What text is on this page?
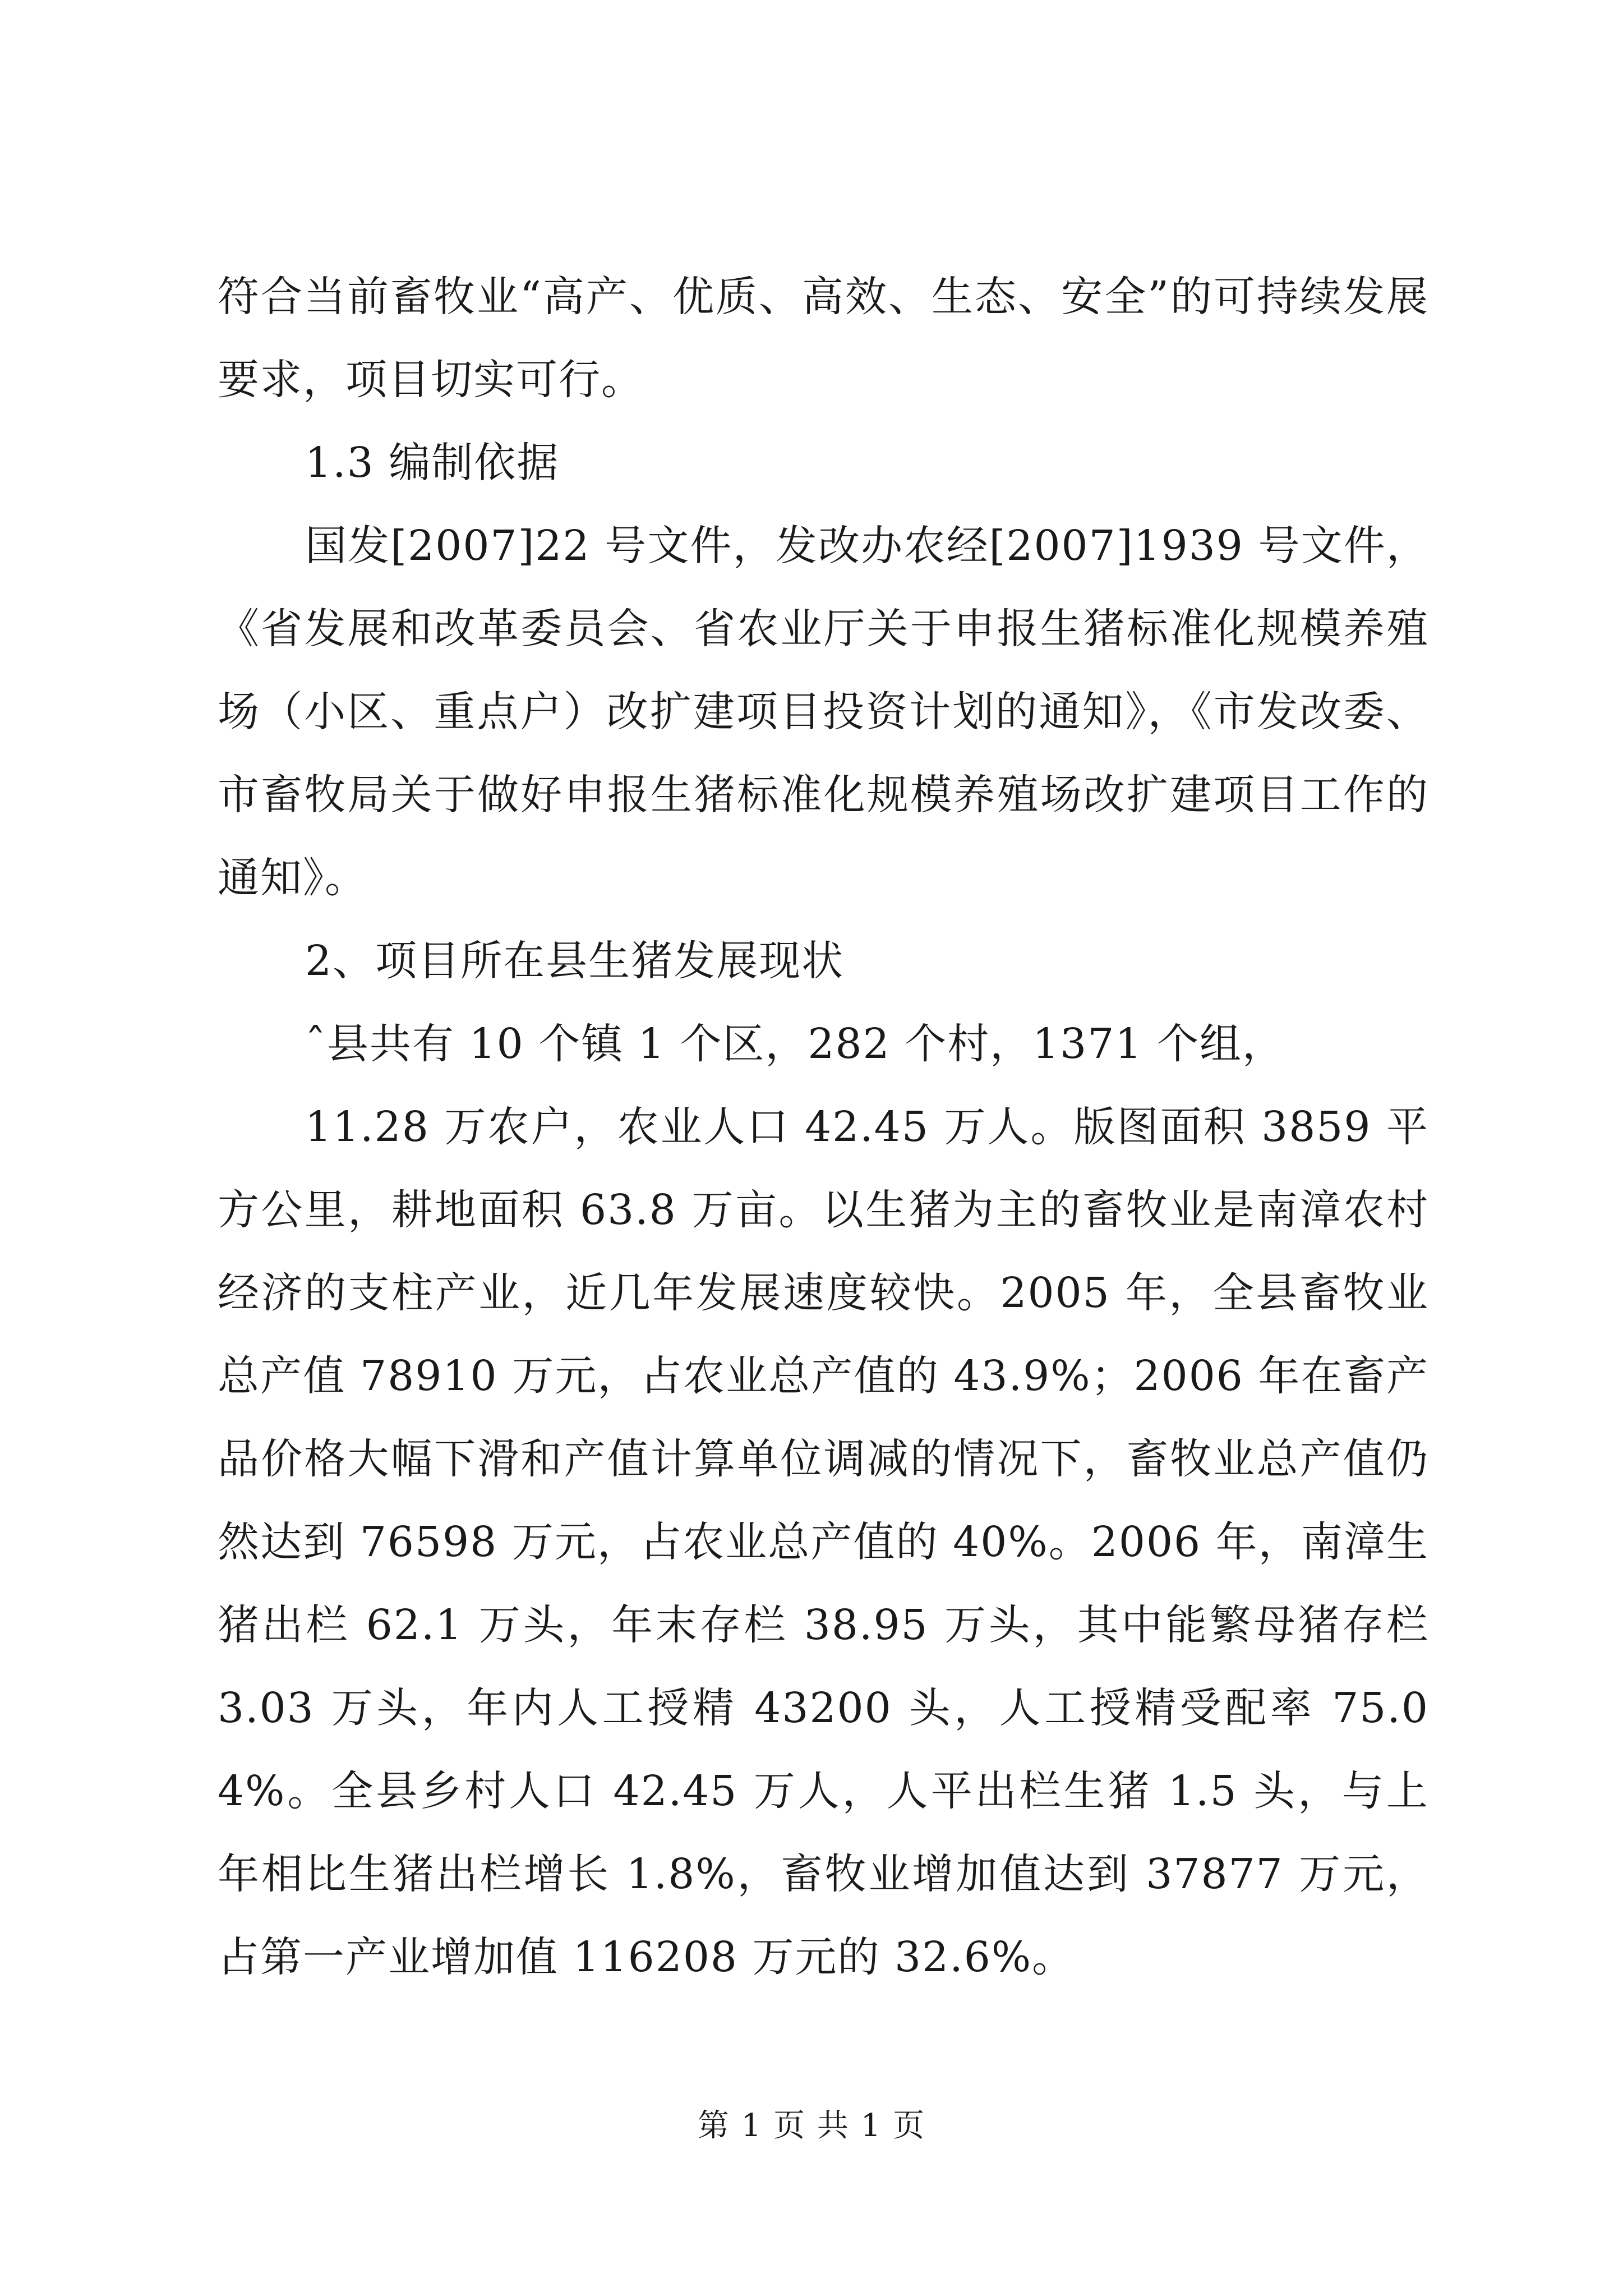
符合当前畜牧业“高产、优质、高效、生态、安全”的可持续发展要求，项目切实可行。

1.3 编制依据

国发[2007]22 号文件，发改办农经[2007]1939 号文件，《省发展和改革委员会、省农业厅关于申报生猪标准化规模养殖场（小区、重点户）改扩建项目投资计划的通知》，《市发改委、市畜牧局关于做好申报生猪标准化规模养殖场改扩建项目工作的通知》。

2、项目所在县生猪发展现状

ˆ县共有 10 个镇 1 个区，282 个村，1371 个组，

11.28 万农户，农业人口 42.45 万人。版图面积 3859 平方公里，耕地面积 63.8 万亩。以生猪为主的畜牧业是南漳农村经济的支柱产业，近几年发展速度较快。2005 年，全县畜牧业总产值 78910 万元，占农业总产值的 43.9%；2006 年在畜产品价格大幅下滑和产值计算单位调减的情况下，畜牧业总产值仍然达到 76598 万元，占农业总产值的 40%。2006 年，南漳生猪出栏 62.1 万头，年末存栏 38.95 万头，其中能繁母猪存栏 3.03 万头，年内人工授精 43200 头，人工授精受配率 75.04%。全县乡村人口 42.45 万人，人平出栏生猪 1.5 头，与上年相比生猪出栏增长 1.8%，畜牧业增加值达到 37877 万元，占第一产业增加值 116208 万元的 32.6%。

第 1 页 共 1 页
